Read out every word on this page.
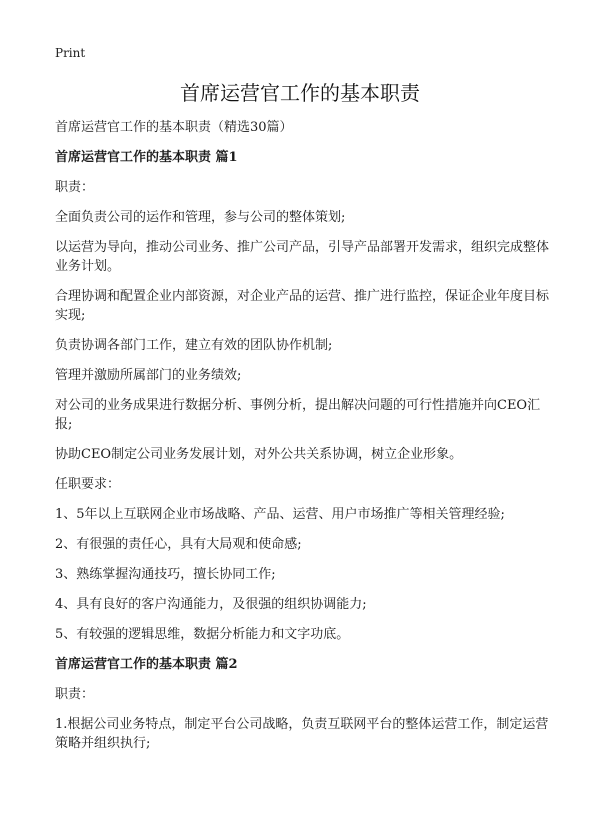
Print
首席运营官工作的基本职责
首席运营官工作的基本职责（精选30篇）
首席运营官工作的基本职责 篇1
职责：
全面负责公司的运作和管理，参与公司的整体策划;
以运营为导向，推动公司业务、推广公司产品，引导产品部署开发需求，组织完成整体业务计划。
合理协调和配置企业内部资源，对企业产品的运营、推广进行监控，保证企业年度目标实现;
负责协调各部门工作，建立有效的团队协作机制;
管理并激励所属部门的业务绩效;
对公司的业务成果进行数据分析、事例分析，提出解决问题的可行性措施并向CEO汇报;
协助CEO制定公司业务发展计划，对外公共关系协调，树立企业形象。
任职要求：
1、5年以上互联网企业市场战略、产品、运营、用户市场推广等相关管理经验;
2、有很强的责任心，具有大局观和使命感;
3、熟练掌握沟通技巧，擅长协同工作;
4、具有良好的客户沟通能力，及很强的组织协调能力;
5、有较强的逻辑思维，数据分析能力和文字功底。
首席运营官工作的基本职责 篇2
职责：
1.根据公司业务特点，制定平台公司战略，负责互联网平台的整体运营工作，制定运营策略并组织执行;
